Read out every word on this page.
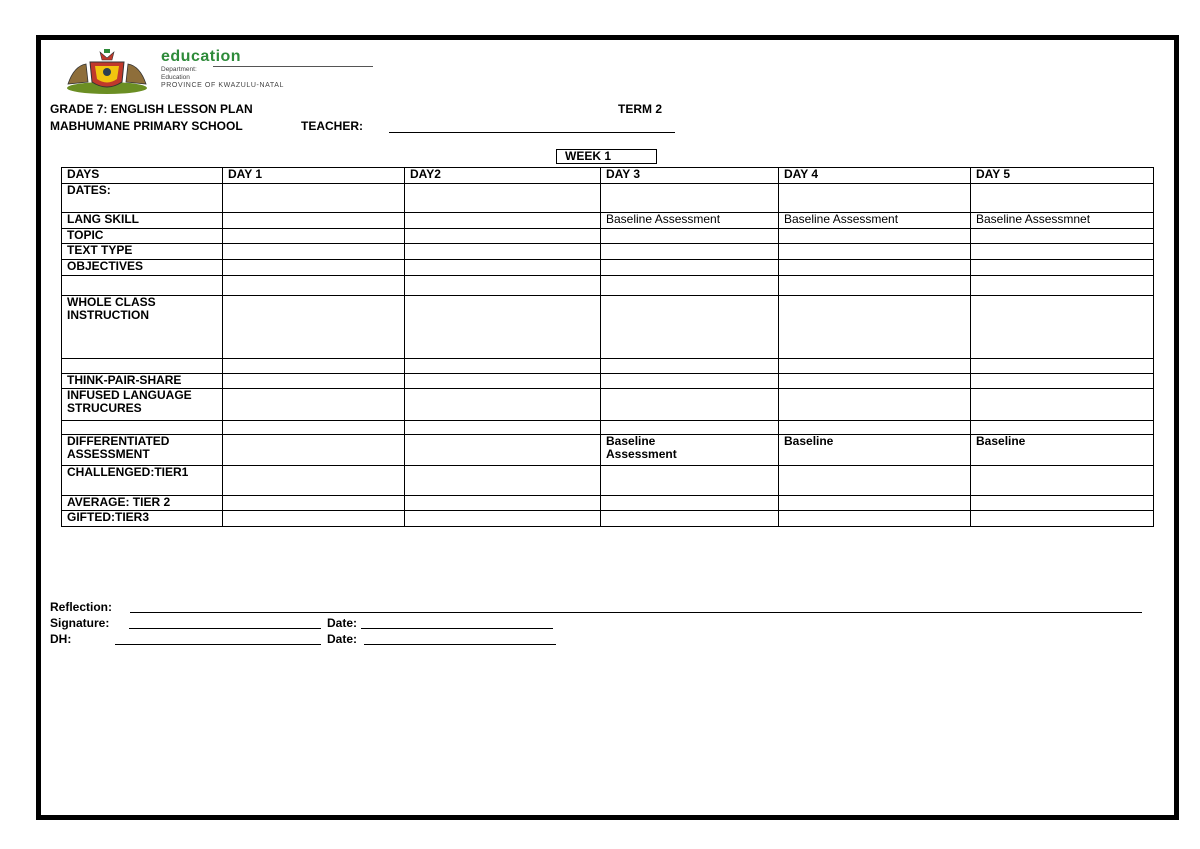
education
Department:
Education
PROVINCE OF KWAZULU-NATAL
GRADE 7: ENGLISH LESSON PLAN	TERM 2
MABHUMANE PRIMARY SCHOOL	TEACHER:
WEEK 1
DAYS	DAY 1	DAY2	DAY 3	DAY 4	DAY 5
DATES:					
LANG SKILL			Baseline Assessment	Baseline Assessment	Baseline Assessmnet
TOPIC					
TEXT TYPE					
OBJECTIVES					

WHOLE CLASS INSTRUCTION					

THINK-PAIR-SHARE					
INFUSED LANGUAGE STRUCURES					

DIFFERENTIATED ASSESSMENT			Baseline Assessment	Baseline	Baseline
CHALLENGED:TIER1					
AVERAGE: TIER 2					
GIFTED:TIER3					
Reflection:
Signature:	Date:
DH:	Date:
